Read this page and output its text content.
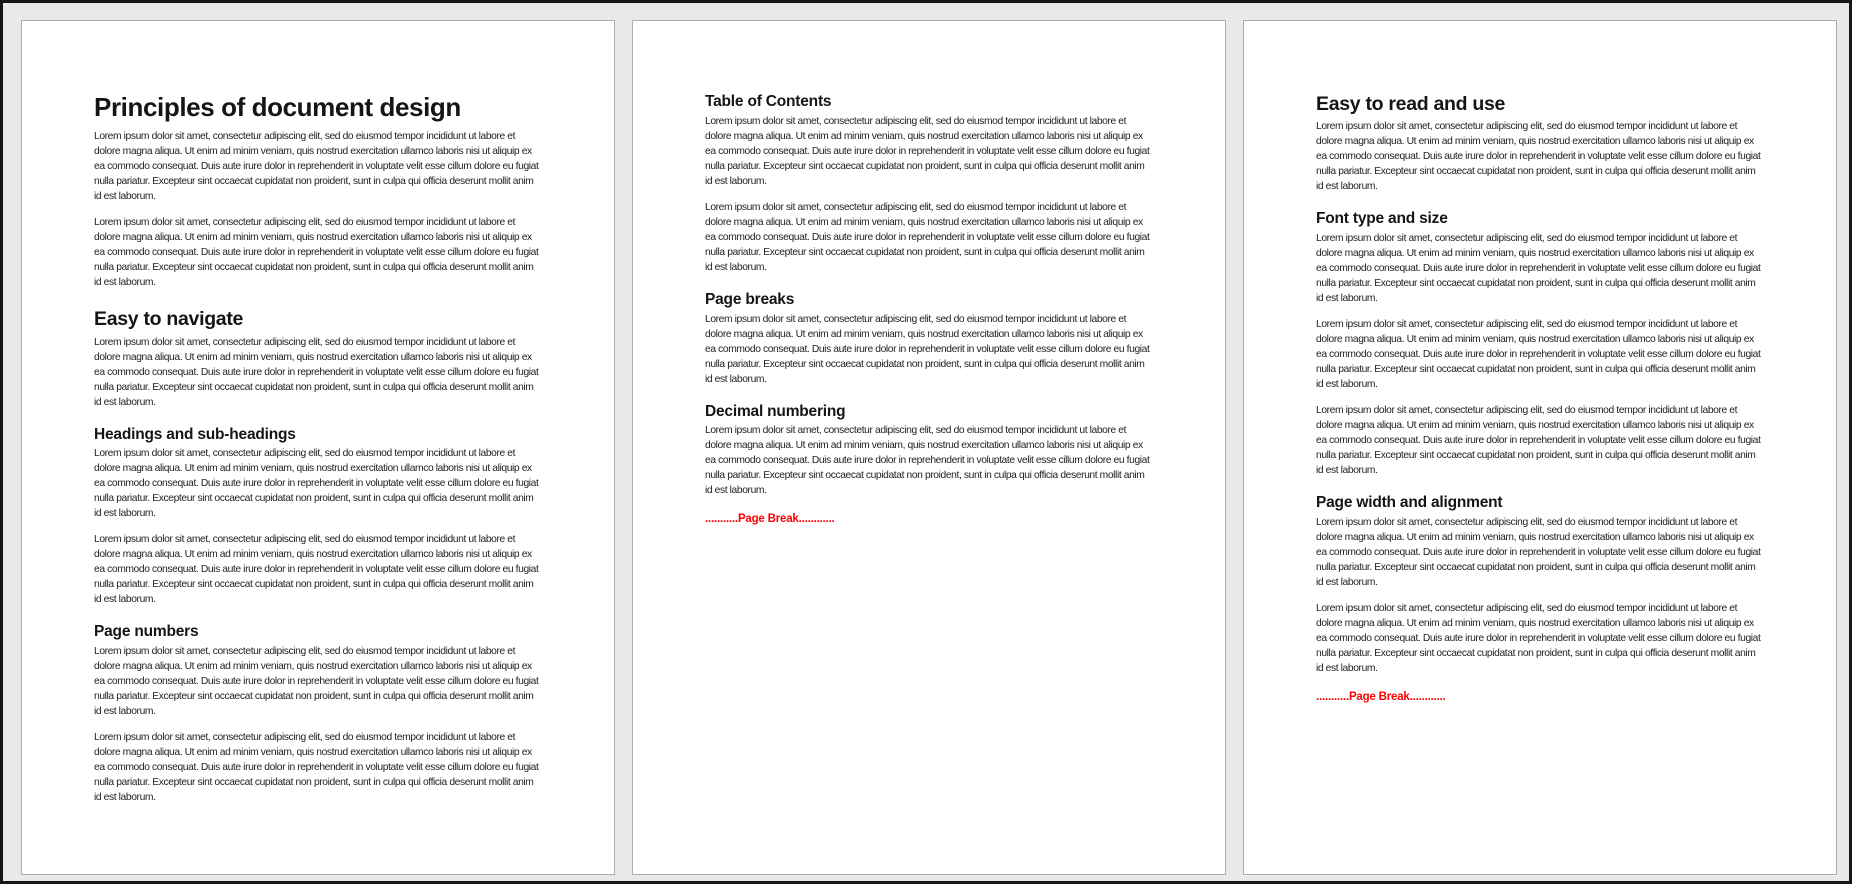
Principles of document design

Lorem ipsum dolor sit amet, consectetur adipiscing elit, sed do eiusmod tempor incididunt ut labore et dolore magna aliqua. Ut enim ad minim veniam, quis nostrud exercitation ullamco laboris nisi ut aliquip ex ea commodo consequat. Duis aute irure dolor in reprehenderit in voluptate velit esse cillum dolore eu fugiat nulla pariatur. Excepteur sint occaecat cupidatat non proident, sunt in culpa qui officia deserunt mollit anim id est laborum.

Lorem ipsum dolor sit amet, consectetur adipiscing elit, sed do eiusmod tempor incididunt ut labore et dolore magna aliqua. Ut enim ad minim veniam, quis nostrud exercitation ullamco laboris nisi ut aliquip ex ea commodo consequat. Duis aute irure dolor in reprehenderit in voluptate velit esse cillum dolore eu fugiat nulla pariatur. Excepteur sint occaecat cupidatat non proident, sunt in culpa qui officia deserunt mollit anim id est laborum.

Easy to navigate

Lorem ipsum dolor sit amet, consectetur adipiscing elit, sed do eiusmod tempor incididunt ut labore et dolore magna aliqua. Ut enim ad minim veniam, quis nostrud exercitation ullamco laboris nisi ut aliquip ex ea commodo consequat. Duis aute irure dolor in reprehenderit in voluptate velit esse cillum dolore eu fugiat nulla pariatur. Excepteur sint occaecat cupidatat non proident, sunt in culpa qui officia deserunt mollit anim id est laborum.

Headings and sub-headings

Lorem ipsum dolor sit amet, consectetur adipiscing elit, sed do eiusmod tempor incididunt ut labore et dolore magna aliqua. Ut enim ad minim veniam, quis nostrud exercitation ullamco laboris nisi ut aliquip ex ea commodo consequat. Duis aute irure dolor in reprehenderit in voluptate velit esse cillum dolore eu fugiat nulla pariatur. Excepteur sint occaecat cupidatat non proident, sunt in culpa qui officia deserunt mollit anim id est laborum.

Lorem ipsum dolor sit amet, consectetur adipiscing elit, sed do eiusmod tempor incididunt ut labore et dolore magna aliqua. Ut enim ad minim veniam, quis nostrud exercitation ullamco laboris nisi ut aliquip ex ea commodo consequat. Duis aute irure dolor in reprehenderit in voluptate velit esse cillum dolore eu fugiat nulla pariatur. Excepteur sint occaecat cupidatat non proident, sunt in culpa qui officia deserunt mollit anim id est laborum.

Page numbers

Lorem ipsum dolor sit amet, consectetur adipiscing elit, sed do eiusmod tempor incididunt ut labore et dolore magna aliqua. Ut enim ad minim veniam, quis nostrud exercitation ullamco laboris nisi ut aliquip ex ea commodo consequat. Duis aute irure dolor in reprehenderit in voluptate velit esse cillum dolore eu fugiat nulla pariatur. Excepteur sint occaecat cupidatat non proident, sunt in culpa qui officia deserunt mollit anim id est laborum.

Lorem ipsum dolor sit amet, consectetur adipiscing elit, sed do eiusmod tempor incididunt ut labore et dolore magna aliqua. Ut enim ad minim veniam, quis nostrud exercitation ullamco laboris nisi ut aliquip ex ea commodo consequat. Duis aute irure dolor in reprehenderit in voluptate velit esse cillum dolore eu fugiat nulla pariatur. Excepteur sint occaecat cupidatat non proident, sunt in culpa qui officia deserunt mollit anim id est laborum.

Table of Contents

Lorem ipsum dolor sit amet, consectetur adipiscing elit, sed do eiusmod tempor incididunt ut labore et dolore magna aliqua. Ut enim ad minim veniam, quis nostrud exercitation ullamco laboris nisi ut aliquip ex ea commodo consequat. Duis aute irure dolor in reprehenderit in voluptate velit esse cillum dolore eu fugiat nulla pariatur. Excepteur sint occaecat cupidatat non proident, sunt in culpa qui officia deserunt mollit anim id est laborum.

Lorem ipsum dolor sit amet, consectetur adipiscing elit, sed do eiusmod tempor incididunt ut labore et dolore magna aliqua. Ut enim ad minim veniam, quis nostrud exercitation ullamco laboris nisi ut aliquip ex ea commodo consequat. Duis aute irure dolor in reprehenderit in voluptate velit esse cillum dolore eu fugiat nulla pariatur. Excepteur sint occaecat cupidatat non proident, sunt in culpa qui officia deserunt mollit anim id est laborum.

Page breaks

Lorem ipsum dolor sit amet, consectetur adipiscing elit, sed do eiusmod tempor incididunt ut labore et dolore magna aliqua. Ut enim ad minim veniam, quis nostrud exercitation ullamco laboris nisi ut aliquip ex ea commodo consequat. Duis aute irure dolor in reprehenderit in voluptate velit esse cillum dolore eu fugiat nulla pariatur. Excepteur sint occaecat cupidatat non proident, sunt in culpa qui officia deserunt mollit anim id est laborum.

Decimal numbering

Lorem ipsum dolor sit amet, consectetur adipiscing elit, sed do eiusmod tempor incididunt ut labore et dolore magna aliqua. Ut enim ad minim veniam, quis nostrud exercitation ullamco laboris nisi ut aliquip ex ea commodo consequat. Duis aute irure dolor in reprehenderit in voluptate velit esse cillum dolore eu fugiat nulla pariatur. Excepteur sint occaecat cupidatat non proident, sunt in culpa qui officia deserunt mollit anim id est laborum.

...........Page Break............

Easy to read and use

Lorem ipsum dolor sit amet, consectetur adipiscing elit, sed do eiusmod tempor incididunt ut labore et dolore magna aliqua. Ut enim ad minim veniam, quis nostrud exercitation ullamco laboris nisi ut aliquip ex ea commodo consequat. Duis aute irure dolor in reprehenderit in voluptate velit esse cillum dolore eu fugiat nulla pariatur. Excepteur sint occaecat cupidatat non proident, sunt in culpa qui officia deserunt mollit anim id est laborum.

Font type and size

Lorem ipsum dolor sit amet, consectetur adipiscing elit, sed do eiusmod tempor incididunt ut labore et dolore magna aliqua. Ut enim ad minim veniam, quis nostrud exercitation ullamco laboris nisi ut aliquip ex ea commodo consequat. Duis aute irure dolor in reprehenderit in voluptate velit esse cillum dolore eu fugiat nulla pariatur. Excepteur sint occaecat cupidatat non proident, sunt in culpa qui officia deserunt mollit anim id est laborum.

Lorem ipsum dolor sit amet, consectetur adipiscing elit, sed do eiusmod tempor incididunt ut labore et dolore magna aliqua. Ut enim ad minim veniam, quis nostrud exercitation ullamco laboris nisi ut aliquip ex ea commodo consequat. Duis aute irure dolor in reprehenderit in voluptate velit esse cillum dolore eu fugiat nulla pariatur. Excepteur sint occaecat cupidatat non proident, sunt in culpa qui officia deserunt mollit anim id est laborum.

Lorem ipsum dolor sit amet, consectetur adipiscing elit, sed do eiusmod tempor incididunt ut labore et dolore magna aliqua. Ut enim ad minim veniam, quis nostrud exercitation ullamco laboris nisi ut aliquip ex ea commodo consequat. Duis aute irure dolor in reprehenderit in voluptate velit esse cillum dolore eu fugiat nulla pariatur. Excepteur sint occaecat cupidatat non proident, sunt in culpa qui officia deserunt mollit anim id est laborum.

Page width and alignment

Lorem ipsum dolor sit amet, consectetur adipiscing elit, sed do eiusmod tempor incididunt ut labore et dolore magna aliqua. Ut enim ad minim veniam, quis nostrud exercitation ullamco laboris nisi ut aliquip ex ea commodo consequat. Duis aute irure dolor in reprehenderit in voluptate velit esse cillum dolore eu fugiat nulla pariatur. Excepteur sint occaecat cupidatat non proident, sunt in culpa qui officia deserunt mollit anim id est laborum.

Lorem ipsum dolor sit amet, consectetur adipiscing elit, sed do eiusmod tempor incididunt ut labore et dolore magna aliqua. Ut enim ad minim veniam, quis nostrud exercitation ullamco laboris nisi ut aliquip ex ea commodo consequat. Duis aute irure dolor in reprehenderit in voluptate velit esse cillum dolore eu fugiat nulla pariatur. Excepteur sint occaecat cupidatat non proident, sunt in culpa qui officia deserunt mollit anim id est laborum.

...........Page Break............
